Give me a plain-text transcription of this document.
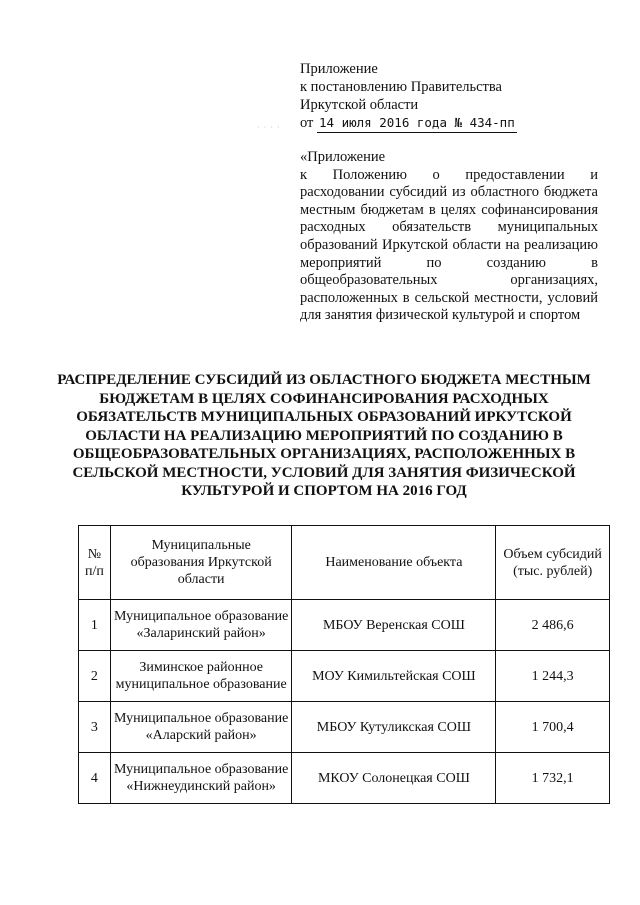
Приложение
к постановлению Правительства
Иркутской области
от 14 июля 2016 года № 434-пп
· · · ·
«Приложение
к Положению о предоставлении и расходовании субсидий из областного бюджета местным бюджетам в целях софинансирования расходных обязательств муниципальных образований Иркутской области на реализацию мероприятий по созданию в общеобразовательных организациях, расположенных в сельской местности, условий для занятия физической культурой и спортом
РАСПРЕДЕЛЕНИЕ СУБСИДИЙ ИЗ ОБЛАСТНОГО БЮДЖЕТА МЕСТНЫМ БЮДЖЕТАМ В ЦЕЛЯХ СОФИНАНСИРОВАНИЯ РАСХОДНЫХ ОБЯЗАТЕЛЬСТВ МУНИЦИПАЛЬНЫХ ОБРАЗОВАНИЙ ИРКУТСКОЙ ОБЛАСТИ НА РЕАЛИЗАЦИЮ МЕРОПРИЯТИЙ ПО СОЗДАНИЮ В ОБЩЕОБРАЗОВАТЕЛЬНЫХ ОРГАНИЗАЦИЯХ, РАСПОЛОЖЕННЫХ В СЕЛЬСКОЙ МЕСТНОСТИ, УСЛОВИЙ ДЛЯ ЗАНЯТИЯ ФИЗИЧЕСКОЙ КУЛЬТУРОЙ И СПОРТОМ НА 2016 ГОД
№ п/п	Муниципальные образования Иркутской области	Наименование объекта	Объем субсидий (тыс. рублей)
1	Муниципальное образование «Заларинский район»	МБОУ Веренская СОШ	2 486,6
2	Зиминское районное муниципальное образование	МОУ Кимильтейская СОШ	1 244,3
3	Муниципальное образование «Аларский район»	МБОУ Кутуликская СОШ	1 700,4
4	Муниципальное образование «Нижнеудинский район»	МКОУ Солонецкая СОШ	1 732,1
